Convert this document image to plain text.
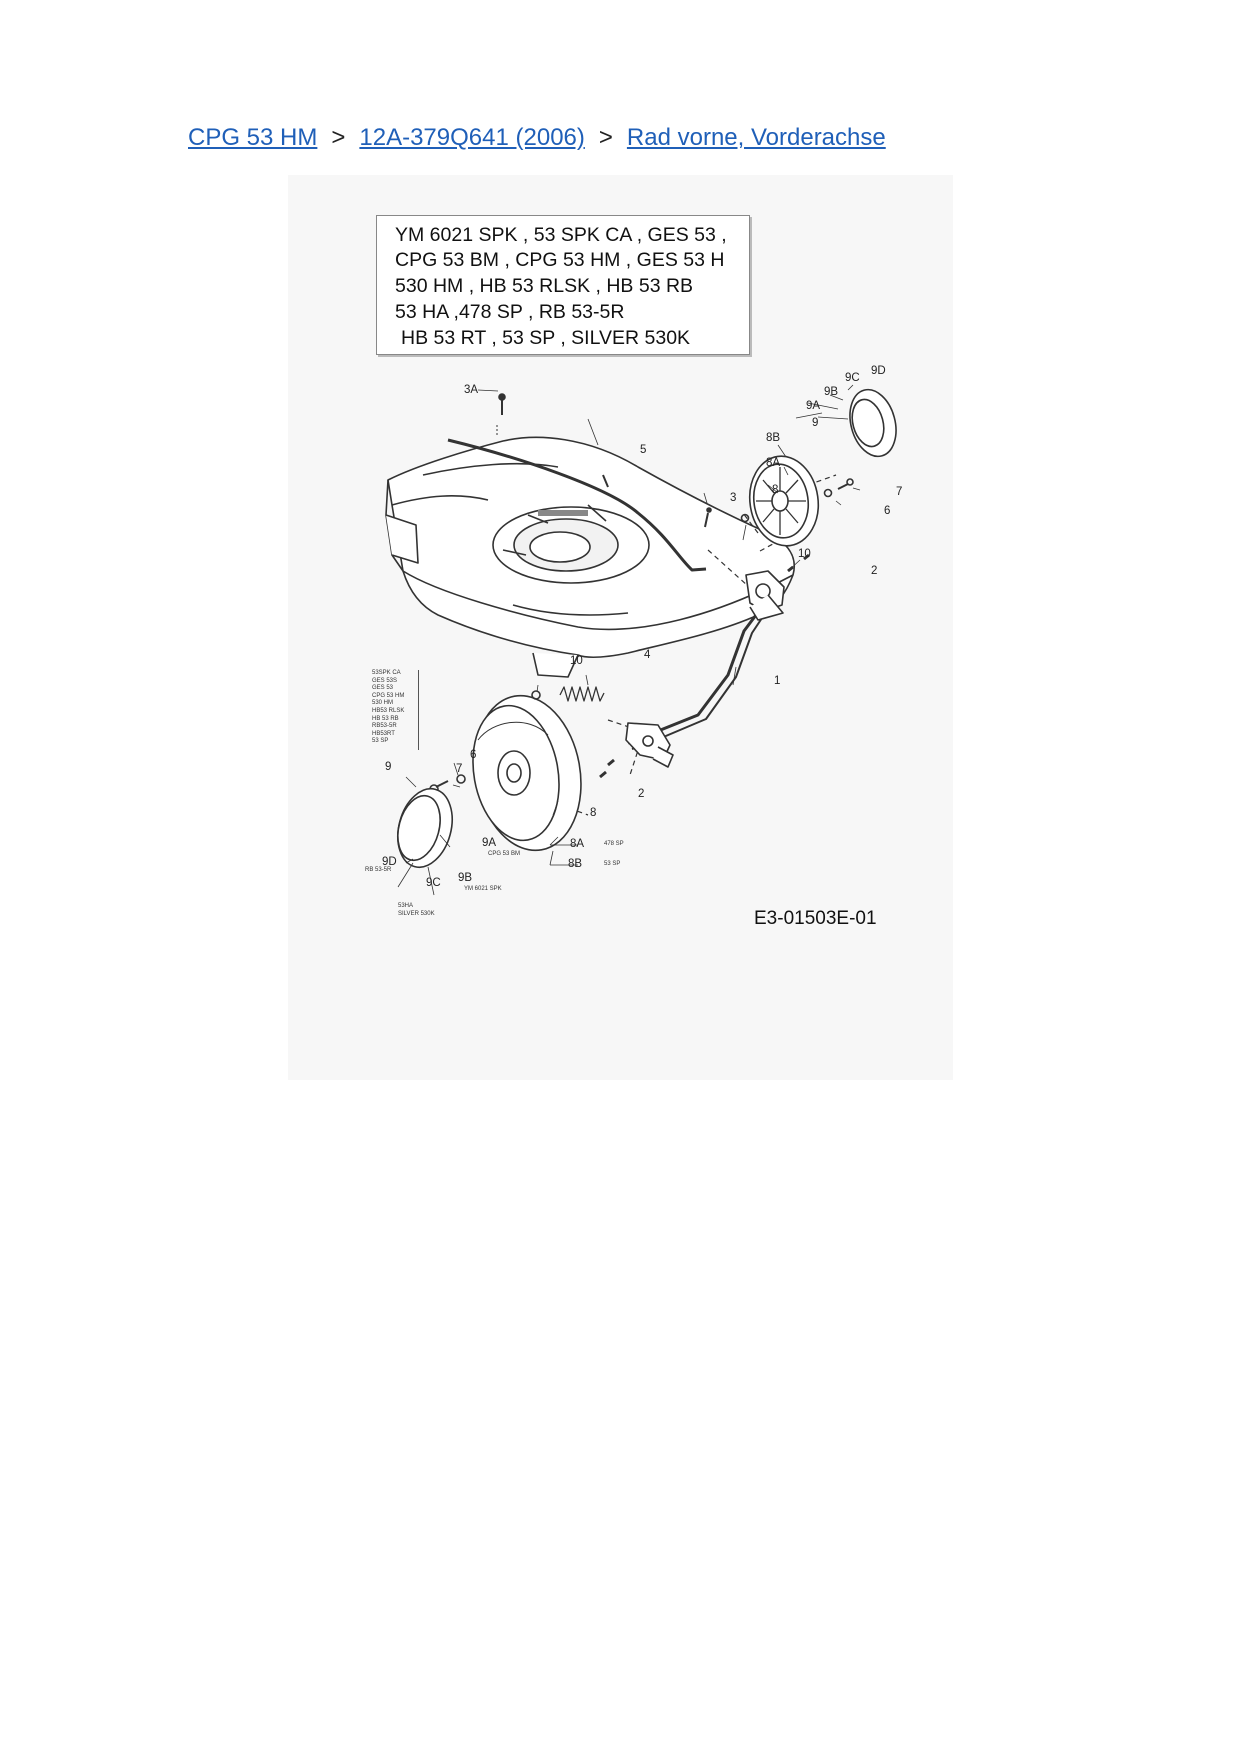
CPG 53 HM > 12A-379Q641 (2006) > Rad vorne, Vorderachse
YM 6021 SPK , 53 SPK CA , GES 53 ,
CPG 53 BM , CPG 53 HM , GES 53 H
530 HM , HB 53 RLSK , HB 53 RB
53 HA ,478 SP , RB 53-5R
HB 53 RT , 53 SP , SILVER 530K
3A
5
3
9D
9C
9B
9A
9
8B
8A
8	7
6
10
2
1
4
10
6
7
9
8
9A	8A
8B
9D
9B
9C
2
53SPK CA
GES 53S
GES 53
CPG 53 HM
530 HM
HB53 RLSK
HB 53 RB
RB53-5R
HB53RT
53 SP
478 SP
CPG 53 BM
53 SP
RB 53-5R
YM 6021 SPK
53HA
SILVER 530K	E3-01503E-01
